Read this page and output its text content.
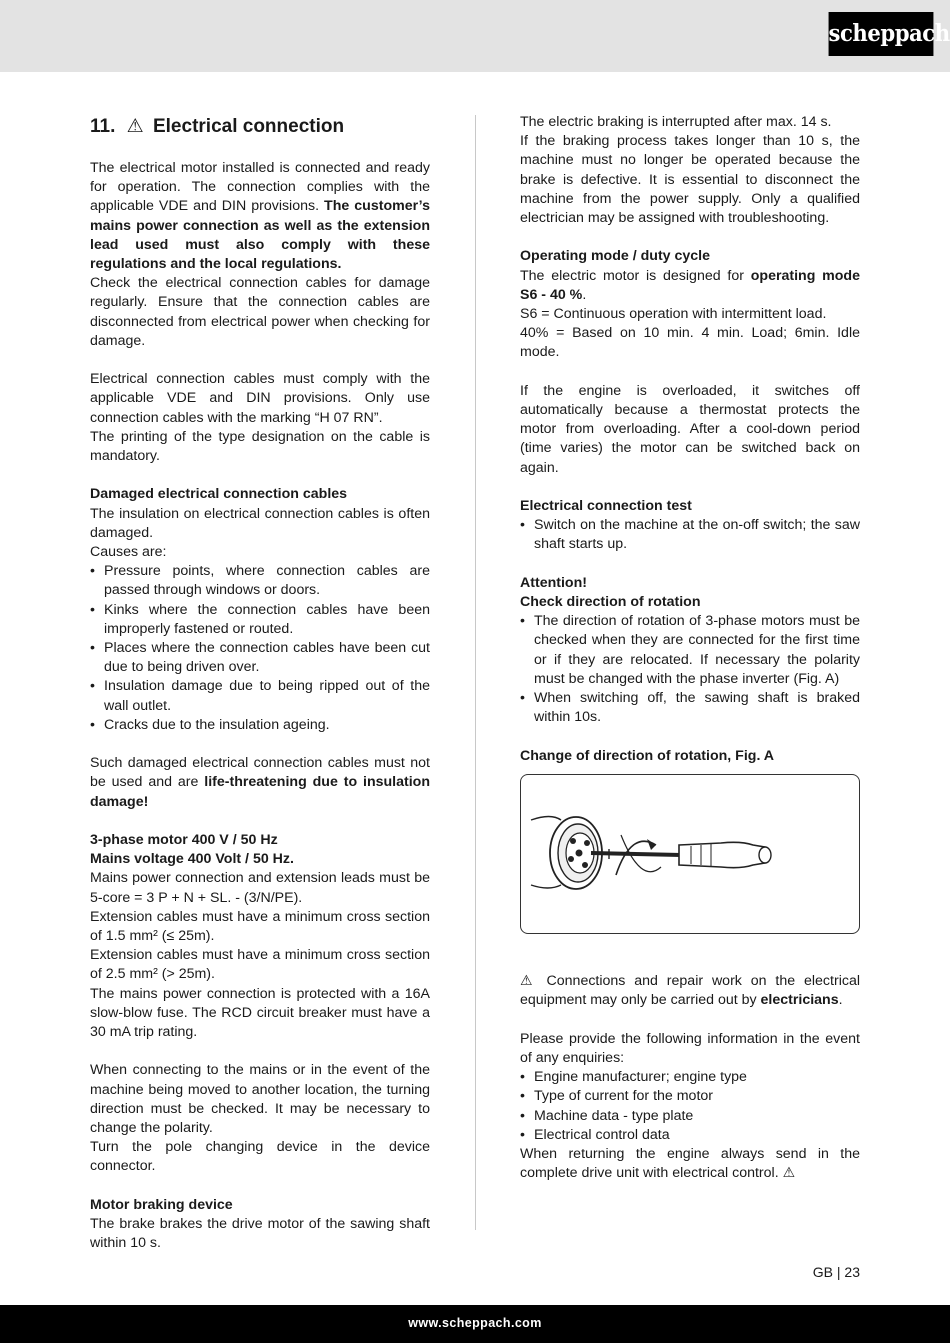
scheppach
11. ⚠ Electrical connection

The electrical motor installed is connected and ready for operation. The connection complies with the applicable VDE and DIN provisions. The customer’s mains power connection as well as the extension lead used must also comply with these regulations and the local regulations.

Check the electrical connection cables for damage regularly. Ensure that the connection cables are disconnected from electrical power when checking for damage.

Electrical connection cables must comply with the applicable VDE and DIN provisions. Only use connection cables with the marking “H 07 RN”.

The printing of the type designation on the cable is mandatory.

Damaged electrical connection cables

The insulation on electrical connection cables is often damaged.

Causes are:

• Pressure points, where connection cables are passed through windows or doors.
• Kinks where the connection cables have been improperly fastened or routed.
• Places where the connection cables have been cut due to being driven over.
• Insulation damage due to being ripped out of the wall outlet.
• Cracks due to the insulation ageing.

Such damaged electrical connection cables must not be used and are life-threatening due to insulation damage!

3-phase motor 400 V / 50 Hz

Mains voltage 400 Volt / 50 Hz.

Mains power connection and extension leads must be 5-core = 3 P + N + SL. - (3/N/PE).

Extension cables must have a minimum cross section of 1.5 mm² (≤ 25m).

Extension cables must have a minimum cross section of 2.5 mm² (> 25m).

The mains power connection is protected with a 16A slow-blow fuse. The RCD circuit breaker must have a 30 mA trip rating.

When connecting to the mains or in the event of the machine being moved to another location, the turning direction must be checked. It may be necessary to change the polarity.

Turn the pole changing device in the device connector.

Motor braking device

The brake brakes the drive motor of the sawing shaft within 10 s.

The electric braking is interrupted after max. 14 s.

If the braking process takes longer than 10 s, the machine must no longer be operated because the brake is defective. It is essential to disconnect the machine from the power supply. Only a qualified electrician may be assigned with troubleshooting.

Operating mode / duty cycle

The electric motor is designed for operating mode S6 - 40 %.

S6 = Continuous operation with intermittent load.

40% = Based on 10 min. 4 min. Load; 6min. Idle mode.

If the engine is overloaded, it switches off automatically because a thermostat protects the motor from overloading. After a cool-down period (time varies) the motor can be switched back on again.

Electrical connection test

• Switch on the machine at the on-off switch; the saw shaft starts up.

Attention!

Check direction of rotation

• The direction of rotation of 3-phase motors must be checked when they are connected for the first time or if they are relocated. If necessary the polarity must be changed with the phase inverter (Fig. A)
• When switching off, the sawing shaft is braked within 10s.

Change of direction of rotation, Fig. A

⚠ Connections and repair work on the electrical equipment may only be carried out by electricians.

Please provide the following information in the event of any enquiries:

• Engine manufacturer; engine type
• Type of current for the motor
• Machine data - type plate
• Electrical control data

When returning the engine always send in the complete drive unit with electrical control. ⚠

GB | 23
www.scheppach.com
